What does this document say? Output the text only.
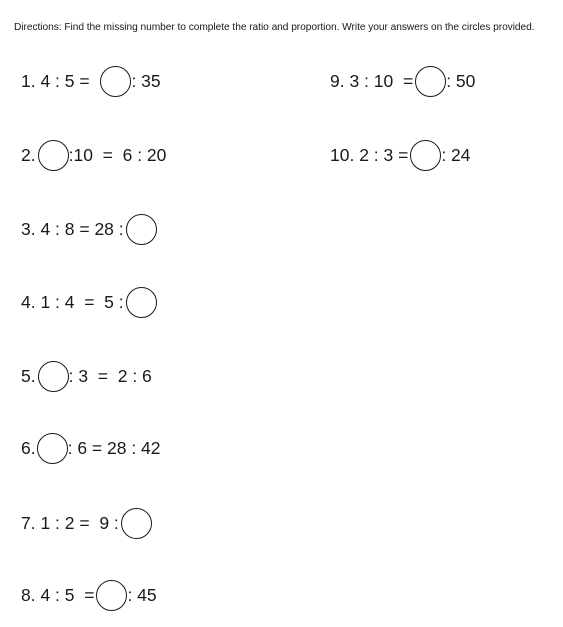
Directions: Find the missing number to complete the ratio and proportion. Write your answers on the circles provided.
1. 4 : 5 = : 35
2. :10  =  6 : 20
3. 4 : 8 = 28 :
4. 1 : 4  =  5 :
5. : 3  =  2 : 6
6. : 6 = 28 : 42
7. 1 : 2 =  9 :
8. 4 : 5  = : 45
9. 3 : 10  = : 50
10. 2 : 3 = : 24
